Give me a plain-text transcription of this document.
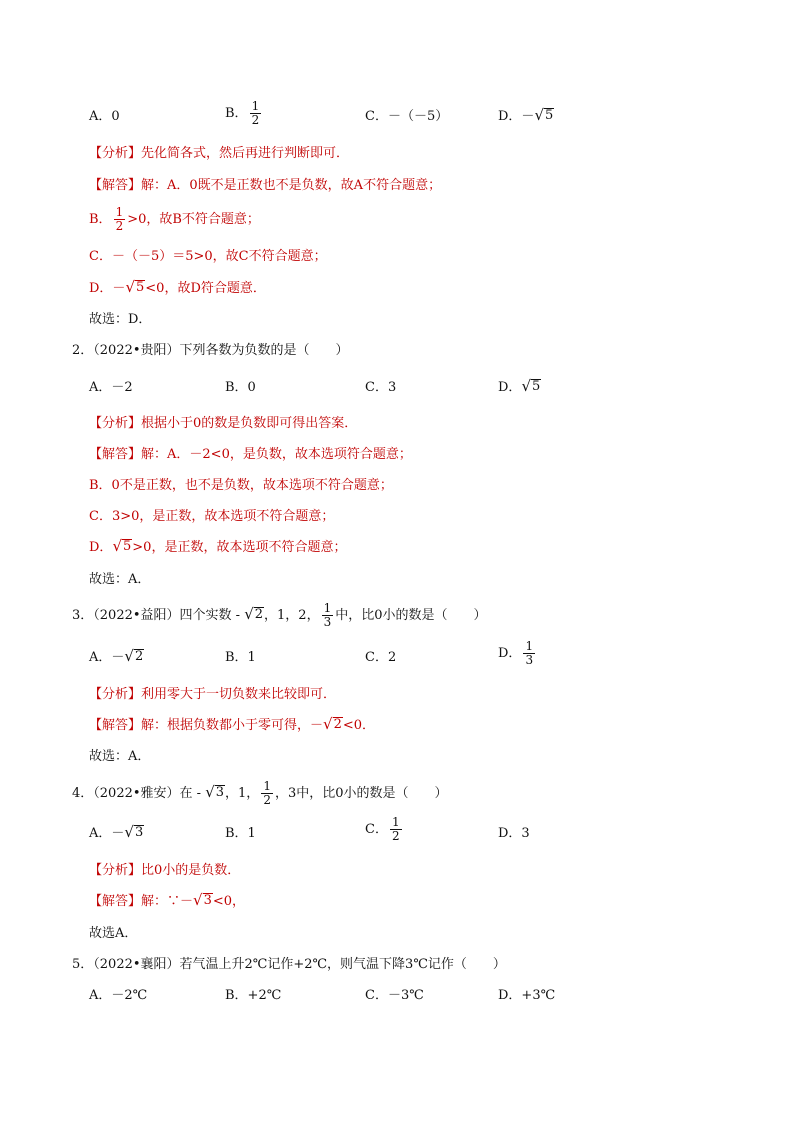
A．0	B． $\frac{1}{2}$	C．－（－5）	D．－ √ 5
【分析】先化简各式，然后再进行判断即可．
【解答】解：A．0既不是正数也不是负数，故A不符合题意；
B． $\frac{1}{2} >0$，故B不符合题意；
C．－（－5）＝5>0，故C不符合题意；
D．－ √ 5 <0，故D符合题意．
故选：D．
2．（2022•贵阳）下列各数为负数的是（　　）
A．－2	B．0	C．3	D． √ 5
【分析】根据小于0的数是负数即可得出答案．
【解答】解：A．－2<0，是负数，故本选项符合题意；
B．0不是正数，也不是负数，故本选项不符合题意；
C．3>0，是正数，故本选项不符合题意；
D． √ 5 >0，是正数，故本选项不符合题意；
故选：A．
3．（2022•益阳）四个实数 - √ 2 ，1，2， $\frac{1}{3}$ 中，比0小的数是（　　）
A．－ √ 2	B．1	C．2	D． $\frac{1}{3}$
【分析】利用零大于一切负数来比较即可．
【解答】解：根据负数都小于零可得，－ √ 2 <0．
故选：A．
4．（2022•雅安）在 - √ 3 ，1， $\frac{1}{2}$ ，3中，比0小的数是（　　）
A．－ √ 3	B．1	C． $\frac{1}{2}$	D．3
【分析】比0小的是负数．
【解答】解：∵－ √ 3 <0，
故选A．
5．（2022•襄阳）若气温上升2℃记作+2℃，则气温下降3℃记作（　　）
A．－2℃	B．+2℃	C．－3℃	D．+3℃
